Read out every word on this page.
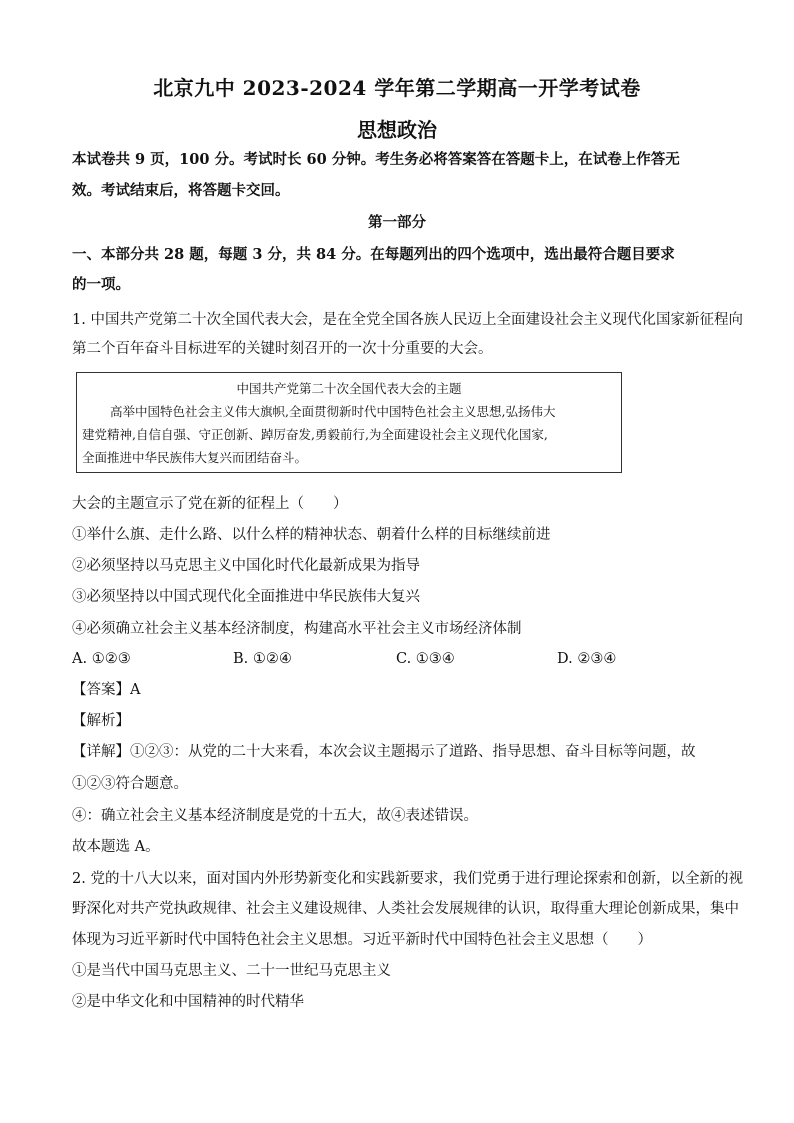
北京九中 2023-2024 学年第二学期高一开学考试卷
思想政治
本试卷共 9 页，100 分。考试时长 60 分钟。考生务必将答案答在答题卡上，在试卷上作答无
效。考试结束后，将答题卡交回。
第一部分
一、本部分共 28 题，每题 3 分，共 84 分。在每题列出的四个选项中，选出最符合题目要求
的一项。
1. 中国共产党第二十次全国代表大会，是在全党全国各族人民迈上全面建设社会主义现代化国家新征程向
第二个百年奋斗目标进军的关键时刻召开的一次十分重要的大会。
中国共产党第二十次全国代表大会的主题
高举中国特色社会主义伟大旗帜,全面贯彻新时代中国特色社会主义思想,弘扬伟大
建党精神,自信自强、守正创新、踔厉奋发,勇毅前行,为全面建设社会主义现代化国家,
全面推进中华民族伟大复兴而团结奋斗。
大会的主题宣示了党在新的征程上（　　）
①举什么旗、走什么路、以什么样的精神状态、朝着什么样的目标继续前进
②必须坚持以马克思主义中国化时代化最新成果为指导
③必须坚持以中国式现代化全面推进中华民族伟大复兴
④必须确立社会主义基本经济制度，构建高水平社会主义市场经济体制
A. ①②③	B. ①②④	C. ①③④	D. ②③④
【答案】A
【解析】
【详解】①②③：从党的二十大来看，本次会议主题揭示了道路、指导思想、奋斗目标等问题，故
①②③符合题意。
④：确立社会主义基本经济制度是党的十五大，故④表述错误。
故本题选 A。
2. 党的十八大以来，面对国内外形势新变化和实践新要求，我们党勇于进行理论探索和创新，以全新的视
野深化对共产党执政规律、社会主义建设规律、人类社会发展规律的认识，取得重大理论创新成果，集中
体现为习近平新时代中国特色社会主义思想。习近平新时代中国特色社会主义思想（　　）
①是当代中国马克思主义、二十一世纪马克思主义
②是中华文化和中国精神的时代精华
